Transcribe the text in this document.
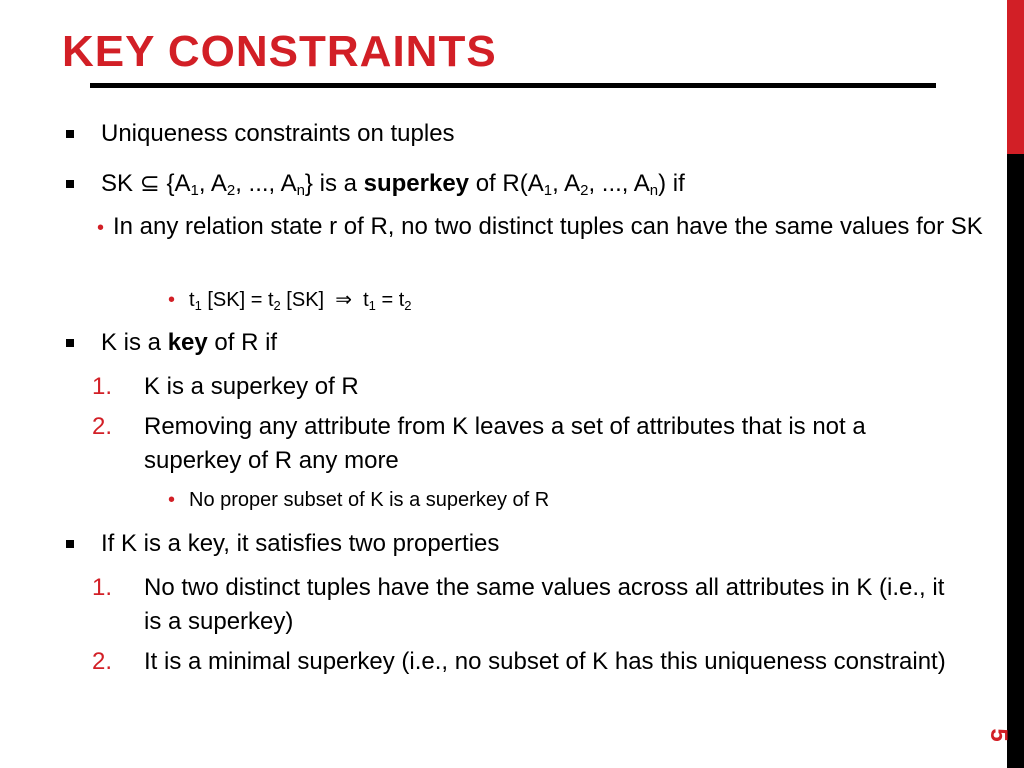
KEY CONSTRAINTS
5
Uniqueness constraints on tuples
SK ⊆ {$A_1$, $A_2$, ..., $A_n$} is a superkey of $R(A_1$, $A_2$, ..., $A_n$) if
• In any relation state r of R, no two distinct tuples can have the same values for SK
• $t_1$ $[SK] = t_2$ [SK] ⇒ $t_1 = t_2$
K is a key of R if
1. K is a superkey of R
2. Removing any attribute from K leaves a set of attributes that is not a superkey of R any more
• No proper subset of K is a superkey of R
If K is a key, it satisfies two properties
1. No two distinct tuples have the same values across all attributes in K (i.e., it is a superkey)
2. It is a minimal superkey (i.e., no subset of K has this uniqueness constraint)
